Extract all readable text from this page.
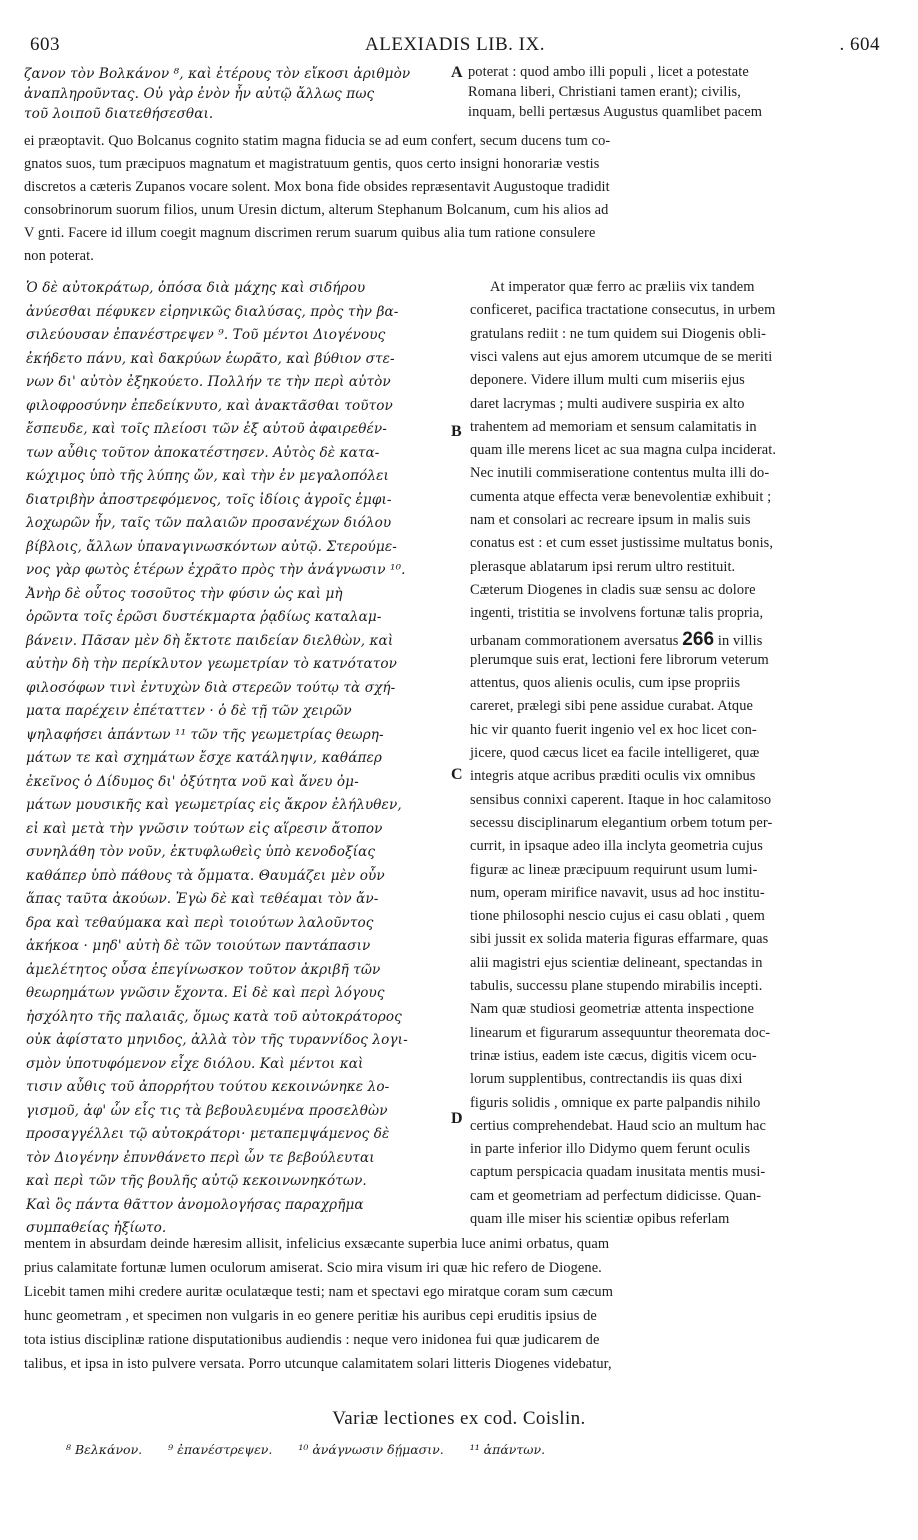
603	ALEXIADIS LIB. IX.	. 604
ζανον τὸν Βολκάνον ⁸, καὶ ἑτέρους τὸν εἴκοσι ἀριθμὸν
ἀναπληροῦντας. Οὐ γὰρ ἐνὸν ἦν αὐτῷ ἄλλως πως
τοῦ λοιποῦ διατεθήσεσθαι.
A poterat : quod ambo illi populi , licet a potestate
Romana liberi, Christiani tamen erant); civilis,
inquam, belli pertæsus Augustus quamlibet pacem
ei præoptavit. Quo Bolcanus cognito statim magna fiducia se ad eum confert, secum ducens tum co-
gnatos suos, tum præcipuos magnatum et magistratuum gentis, quos certo insigni honorariæ vestis
discretos a cæteris Zupanos vocare solent. Mox bona fide obsides repræsentavit Augustoque tradidit
consobrinorum suorum filios, unum Uresin dictum, alterum Stephanum Bolcanum, cum his alios ad
V gnti. Facere id illum coegit magnum discrimen rerum suarum quibus alia tum ratione consulere
non poterat.
Ὁ δὲ αὐτοκράτωρ, ὁπόσα διὰ μάχης καὶ σιδήρου
ἀνύεσθαι πέφυκεν εἰρηνικῶς διαλύσας, πρὸς τὴν βα-
σιλεύουσαν ἐπανέστρεψεν ⁹. Τοῦ μέντοι Διογένους
ἐκήδετο πάνυ, καὶ δακρύων ἑωρᾶτο, καὶ βύθιον στε-
νων δι' αὐτὸν ἐξηκούετο. Πολλήν τε τὴν περὶ αὐτὸν
φιλοφροσύνην ἐπεδείκνυτο, καὶ ἀνακτᾶσθαι τοῦτον
ἔσπευδε, καὶ τοῖς πλείοσι τῶν ἐξ αὐτοῦ ἀφαιρεθέν-
των αὖθις τοῦτον ἀποκατέστησεν. Αὐτὸς δὲ κατα-
κώχιμος ὑπὸ τῆς λύπης ὤν, καὶ τὴν ἐν μεγαλοπόλει
διατριβὴν ἀποστρεφόμενος, τοῖς ἰδίοις ἀγροῖς ἐμφι-
λοχωρῶν ἦν, ταῖς τῶν παλαιῶν προσανέχων διόλου
βίβλοις, ἄλλων ὑπαναγινωσκόντων αὐτῷ. Στερούμε-
νος γὰρ φωτὸς ἑτέρων ἐχρᾶτο πρὸς τὴν ἀνάγνωσιν ¹⁰.
Ἀνὴρ δὲ οὗτος τοσοῦτος τὴν φύσιν ὡς καὶ μὴ
ὁρῶντα τοῖς ἐρῶσι δυστέκμαρτα ῥᾳδίως καταλαμ-
βάνειν. Πᾶσαν μὲν δὴ ἔκτοτε παιδείαν διελθὼν, καὶ
αὐτὴν δὴ τὴν περίκλυτον γεωμετρίαν τὸ κατνότατον
φιλοσόφων τινὶ ἐντυχὼν διὰ στερεῶν τούτῳ τὰ σχή-
ματα παρέχειν ἐπέταττεν · ὁ δὲ τῇ τῶν χειρῶν
ψηλαφήσει ἁπάντων ¹¹ τῶν τῆς γεωμετρίας θεωρη-
μάτων τε καὶ σχημάτων ἔσχε κατάληψιν, καθάπερ
ἐκεῖνος ὁ Δίδυμος δι' ὀξύτητα νοῦ καὶ ἄνευ ὀμ-
μάτων μουσικῆς καὶ γεωμετρίας εἰς ἄκρον ἐλήλυθεν,
εἰ καὶ μετὰ τὴν γνῶσιν τούτων εἰς αἵρεσιν ἄτοπον
συνηλάθη τὸν νοῦν, ἐκτυφλωθεὶς ὑπὸ κενοδοξίας
καθάπερ ὑπὸ πάθους τὰ ὄμματα. Θαυμάζει μὲν οὖν
ἅπας ταῦτα ἀκούων. Ἐγὼ δὲ καὶ τεθέαμαι τὸν ἄν-
δρα καὶ τεθαύμακα καὶ περὶ τοιούτων λαλοῦντος
ἀκήκοα · μηδ' αὐτὴ δὲ τῶν τοιούτων παντάπασιν
ἀμελέτητος οὖσα ἐπεγίνωσκον τοῦτον ἀκριβῆ τῶν
θεωρημάτων γνῶσιν ἔχοντα. Εἰ δὲ καὶ περὶ λόγους
ἠσχόλητο τῆς παλαιᾶς, ὅμως κατὰ τοῦ αὐτοκράτορος
οὐκ ἀφίστατο μηνιδος, ἀλλὰ τὸν τῆς τυραννίδος λογι-
σμὸν ὑποτυφόμενον εἶχε διόλου. Καὶ μέντοι καὶ
τισιν αὖθις τοῦ ἀπορρήτου τούτου κεκοινώνηκε λο-
γισμοῦ, ἀφ' ὧν εἷς τις τὰ βεβουλευμένα προσελθὼν
προσαγγέλλει τῷ αὐτοκράτορι· μεταπεμψάμενος δὲ
τὸν Διογένην ἐπυνθάνετο περὶ ὧν τε βεβούλευται
καὶ περὶ τῶν τῆς βουλῆς αὐτῷ κεκοινωνηκότων.
Καὶ ὃς πάντα θᾶττον ἀνομολογήσας παραχρῆμα
συμπαθείας ἠξίωτο.
B
C
D
At imperator quæ ferro ac præliis vix tandem
conficeret, pacifica tractatione consecutus, in urbem
gratulans rediit : ne tum quidem sui Diogenis obli-
visci valens aut ejus amorem utcumque de se meriti
deponere. Videre illum multi cum miseriis ejus
daret lacrymas ; multi audivere suspiria ex alto
trahentem ad memoriam et sensum calamitatis in
quam ille merens licet ac sua magna culpa inciderat.
Nec inutili commiseratione contentus multa illi do-
cumenta atque effecta veræ benevolentiæ exhibuit ;
nam et consolari ac recreare ipsum in malis suis
conatus est : et cum esset justissime multatus bonis,
plerasque ablatarum ipsi rerum ultro restituit.
Cæterum Diogenes in cladis suæ sensu ac dolore
ingenti, tristitia se involvens fortunæ talis propria,
urbanam commorationem aversatus 266 in villis
plerumque suis erat, lectioni fere librorum veterum
attentus, quos alienis oculis, cum ipse propriis
careret, prælegi sibi pene assidue curabat. Atque
hic vir quanto fuerit ingenio vel ex hoc licet con-
jicere, quod cæcus licet ea facile intelligeret, quæ
integris atque acribus præditi oculis vix omnibus
sensibus connixi caperent. Itaque in hoc calamitoso
secessu disciplinarum elegantium orbem totum per-
currit, in ipsaque adeo illa inclyta geometria cujus
figuræ ac lineæ præcipuum requirunt usum lumi-
num, operam mirifice navavit, usus ad hoc institu-
tione philosophi nescio cujus ei casu oblati , quem
sibi jussit ex solida materia figuras effarmare, quas
alii magistri ejus scientiæ delineant, spectandas in
tabulis, successu plane stupendo mirabilis incepti.
Nam quæ studiosi geometriæ attenta inspectione
linearum et figurarum assequuntur theoremata doc-
trinæ istius, eadem iste cæcus, digitis vicem ocu-
lorum supplentibus, contrectandis iis quas dixi
figuris solidis , omnique ex parte palpandis nihilo
certius comprehendebat. Haud scio an multum hac
in parte inferior illo Didymo quem ferunt oculis
captum perspicacia quadam inusitata mentis musi-
cam et geometriam ad perfectum didicisse. Quan-
quam ille miser his scientiæ opibus referlam
mentem in absurdam deinde hæresim allisit, infelicius exsæcante superbia luce animi orbatus, quam
prius calamitate fortunæ lumen oculorum amiserat. Scio mira visum iri quæ hic refero de Diogene.
Licebit tamen mihi credere auritæ oculatæque testi; nam et spectavi ego miratque coram sum cæcum
hunc geometram , et specimen non vulgaris in eo genere peritiæ his auribus cepi eruditis ipsius de
tota istius disciplinæ ratione disputationibus audiendis : neque vero inidonea fui quæ judicarem de
talibus, et ipsa in isto pulvere versata. Porro utcunque calamitatem solari litteris Diogenes videbatur,
Variæ lectiones ex cod. Coislin.
⁸ Βελκάνον. ⁹ ἐπανέστρεψεν. ¹⁰ ἀνάγνωσιν δῄμασιν. ¹¹ ἁπάντων.
